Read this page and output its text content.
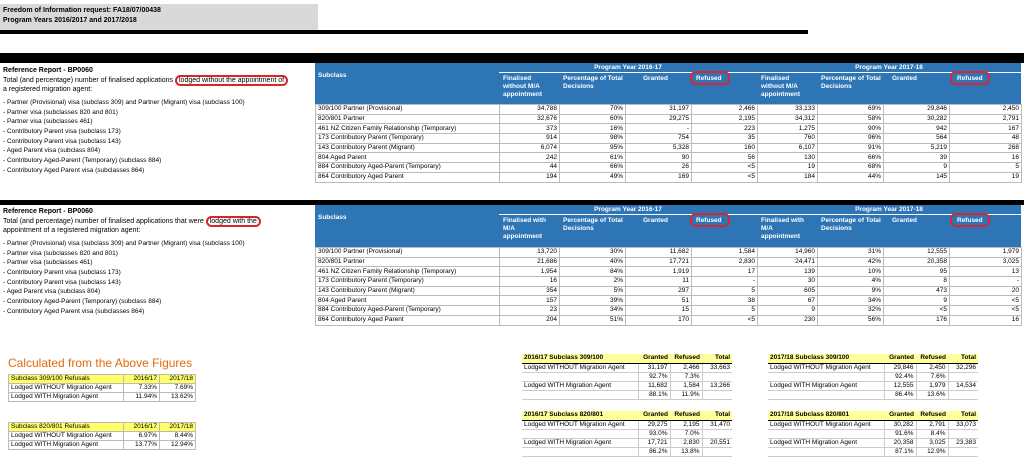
Freedom of Information request: FA18/07/00438
Program Years 2016/2017 and 2017/2018
Reference Report - BP0060
Total (and percentage) number of finalised applications lodged without the appointment of
a registered migration agent:
- Partner (Provisional) visa (subclass 309) and Partner (Migrant) visa (subclass 100)
- Partner visa (subclasses 820 and 801)
- Partner visa (subclasses 461)
- Contributory Parent visa (subclass 173)
- Contributory Parent visa (subclass 143)
- Aged Parent visa (subclass 804)
- Contributory Aged-Parent (Temporary) (subclass 884)
- Contributory Aged Parent visa (subclasses 864)
Subclass
Program Year 2016-17	Program Year 2017-18
Finalised without M/A appointment
Percentage of Total Decisions
Granted	Refused	Finalised without M/A appointment
Percentage of Total Decisions
Granted	Refused
309/100 Partner (Provisional)	34,788	70%	31,197	2,466	33,133	69%	29,846	2,450
820/801 Partner	32,676	60%	29,275	2,195	34,312	58%	30,282	2,791
461 NZ Citizen Family Relationship (Temporary)	373	16%	-	223	1,275	90%	942	167
173 Contributory Parent (Temporary)	914	98%	754	35	760	96%	564	48
143 Contributory Parent (Migrant)	6,074	95%	5,328	160	6,107	91%	5,219	268
804 Aged Parent	242	61%	90	56	130	66%	39	16
884 Contributory Aged-Parent (Temporary)	44	66%	26	<5	19	68%	9	5
864 Contributory Aged Parent	194	49%	169	<5	184	44%	145	19
Reference Report - BP0060
Total (and percentage) number of finalised applications that were lodged with the
appointment of a registered migration agent:
- Partner (Provisional) visa (subclass 309) and Partner (Migrant) visa (subclass 100)
- Partner visa (subclasses 820 and 801)
- Partner visa (subclasses 461)
- Contributory Parent visa (subclass 173)
- Contributory Parent visa (subclass 143)
- Aged Parent visa (subclass 804)
- Contributory Aged-Parent (Temporary) (subclass 884)
- Contributory Aged Parent visa (subclasses 864)
Subclass
Program Year 2016-17	Program Year 2017-18
Finalised with M/A appointment
Percentage of Total Decisions
Granted	Refused	Finalised with M/A appointment
Percentage of Total Decisions
Granted	Refused
309/100 Partner (Provisional)	13,720	30%	11,682	1,584	14,960	31%	12,555	1,979
820/801 Partner	21,686	40%	17,721	2,830	24,471	42%	20,358	3,025
461 NZ Citizen Family Relationship (Temporary)	1,954	84%	1,919	17	139	10%	95	13
173 Contributory Parent (Temporary)	16	2%	11	-	30	4%	8	-
143 Contributory Parent (Migrant)	354	5%	297	5	605	9%	473	20
804 Aged Parent	157	39%	51	38	67	34%	9	<5
884 Contributory Aged-Parent (Temporary)	23	34%	15	5	9	32%	<5	<5
864 Contributory Aged Parent	204	51%	170	<5	230	56%	176	16
Calculated from the Above Figures
Subclass 309/100 Refusals	2016/17	2017/18
Lodged WITHOUT Migration Agent	7.33%	7.69%
Lodged WITH Migration Agent	11.94%	13.62%
Subclass 820/801 Refusals	2016/17	2017/18
Lodged WITHOUT Migration Agent	6.97%	8.44%
Lodged WITH Migration Agent	13.77%	12.94%
2016/17 Subclass 309/100	Granted	Refused	Total
Lodged WITHOUT Migration Agent	31,197	2,466	33,663
	92.7%	7.3%	
Lodged WITH Migration Agent	11,682	1,584	13,266
	88.1%	11.9%	
2017/18 Subclass 309/100	Granted	Refused	Total
Lodged WITHOUT Migration Agent	29,846	2,450	32,296
	92.4%	7.6%	
Lodged WITH Migration Agent	12,555	1,979	14,534
	86.4%	13.6%	
2016/17 Subclass 820/801	Granted	Refused	Total
Lodged WITHOUT Migration Agent	29,275	2,195	31,470
	93.0%	7.0%	
Lodged WITH Migration Agent	17,721	2,830	20,551
	86.2%	13.8%	
2017/18 Subclass 820/801	Granted	Refused	Total
Lodged WITHOUT Migration Agent	30,282	2,791	33,073
	91.6%	8.4%	
Lodged WITH Migration Agent	20,358	3,025	23,383
	87.1%	12.9%	
